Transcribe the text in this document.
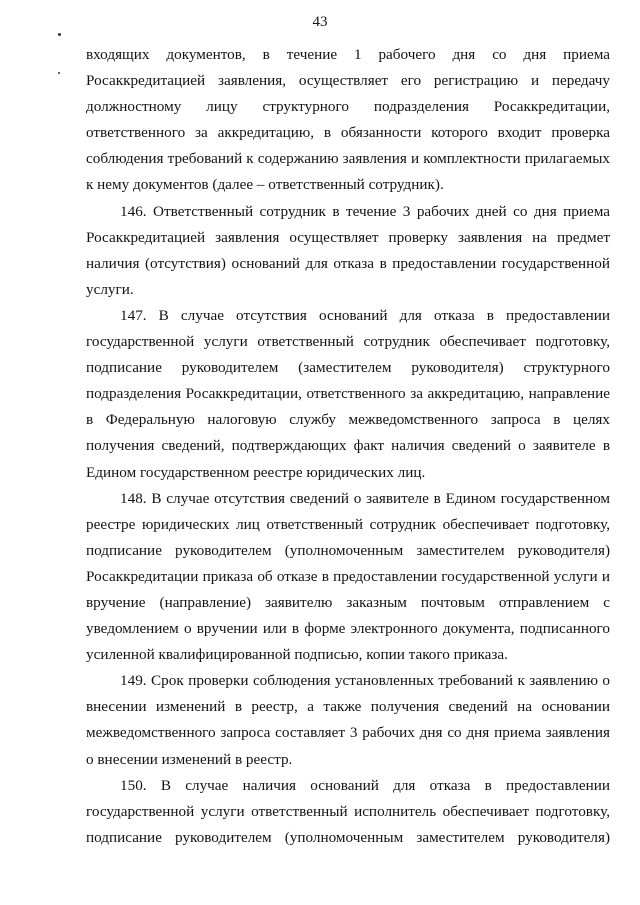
43

входящих документов, в течение 1 рабочего дня со дня приема Росаккредитацией заявления, осуществляет его регистрацию и передачу должностному лицу структурного подразделения Росаккредитации, ответственного за аккредитацию, в обязанности которого входит проверка соблюдения требований к содержанию заявления и комплектности прилагаемых к нему документов (далее – ответственный сотрудник).

146. Ответственный сотрудник в течение 3 рабочих дней со дня приема Росаккредитацией заявления осуществляет проверку заявления на предмет наличия (отсутствия) оснований для отказа в предоставлении государственной услуги.

147. В случае отсутствия оснований для отказа в предоставлении государственной услуги ответственный сотрудник обеспечивает подготовку, подписание руководителем (заместителем руководителя) структурного подразделения Росаккредитации, ответственного за аккредитацию, направление в Федеральную налоговую службу межведомственного запроса в целях получения сведений, подтверждающих факт наличия сведений о заявителе в Едином государственном реестре юридических лиц.

148. В случае отсутствия сведений о заявителе в Едином государственном реестре юридических лиц ответственный сотрудник обеспечивает подготовку, подписание руководителем (уполномоченным заместителем руководителя) Росаккредитации приказа об отказе в предоставлении государственной услуги и вручение (направление) заявителю заказным почтовым отправлением с уведомлением о вручении или в форме электронного документа, подписанного усиленной квалифицированной подписью, копии такого приказа.

149. Срок проверки соблюдения установленных требований к заявлению о внесении изменений в реестр, а также получения сведений на основании межведомственного запроса составляет 3 рабочих дня со дня приема заявления о внесении изменений в реестр.

150. В случае наличия оснований для отказа в предоставлении государственной услуги ответственный исполнитель обеспечивает подготовку, подписание руководителем (уполномоченным заместителем руководителя)
